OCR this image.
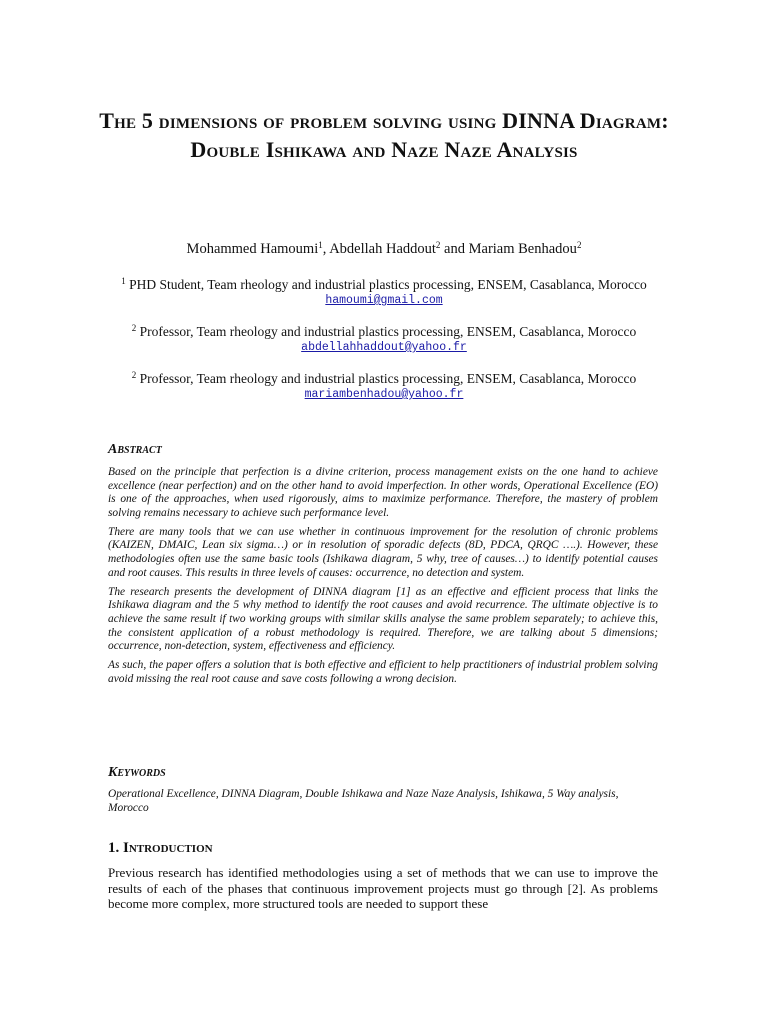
The 5 dimensions of problem solving using DINNA Diagram: Double Ishikawa and Naze Naze Analysis
Mohammed Hamoumi$^1$, Abdellah Haddout$^2$ and Mariam Benhadou$^2$
$^1$ PHD Student, Team rheology and industrial plastics processing, ENSEM, Casablanca, Morocco
hamoumi@gmail.com
$^2$ Professor, Team rheology and industrial plastics processing, ENSEM, Casablanca, Morocco
abdellahhaddout@yahoo.fr
$^2$ Professor, Team rheology and industrial plastics processing, ENSEM, Casablanca, Morocco
mariambenhadou@yahoo.fr
Abstract

Based on the principle that perfection is a divine criterion, process management exists on the one hand to achieve excellence (near perfection) and on the other hand to avoid imperfection. In other words, Operational Excellence (EO) is one of the approaches, when used rigorously, aims to maximize performance. Therefore, the mastery of problem solving remains necessary to achieve such performance level.

There are many tools that we can use whether in continuous improvement for the resolution of chronic problems (KAIZEN, DMAIC, Lean six sigma…) or in resolution of sporadic defects (8D, PDCA, QRQC ….). However, these methodologies often use the same basic tools (Ishikawa diagram, 5 why, tree of causes…) to identify potential causes and root causes. This results in three levels of causes: occurrence, no detection and system.

The research presents the development of DINNA diagram [1] as an effective and efficient process that links the Ishikawa diagram and the 5 why method to identify the root causes and avoid recurrence. The ultimate objective is to achieve the same result if two working groups with similar skills analyse the same problem separately; to achieve this, the consistent application of a robust methodology is required. Therefore, we are talking about 5 dimensions; occurrence, non-detection, system, effectiveness and efficiency.

As such, the paper offers a solution that is both effective and efficient to help practitioners of industrial problem solving avoid missing the real root cause and save costs following a wrong decision.

Keywords
Operational Excellence, DINNA Diagram, Double Ishikawa and Naze Naze Analysis, Ishikawa, 5 Way analysis, Morocco
1. Introduction

Previous research has identified methodologies using a set of methods that we can use to improve the results of each of the phases that continuous improvement projects must go through [2]. As problems become more complex, more structured tools are needed to support these
